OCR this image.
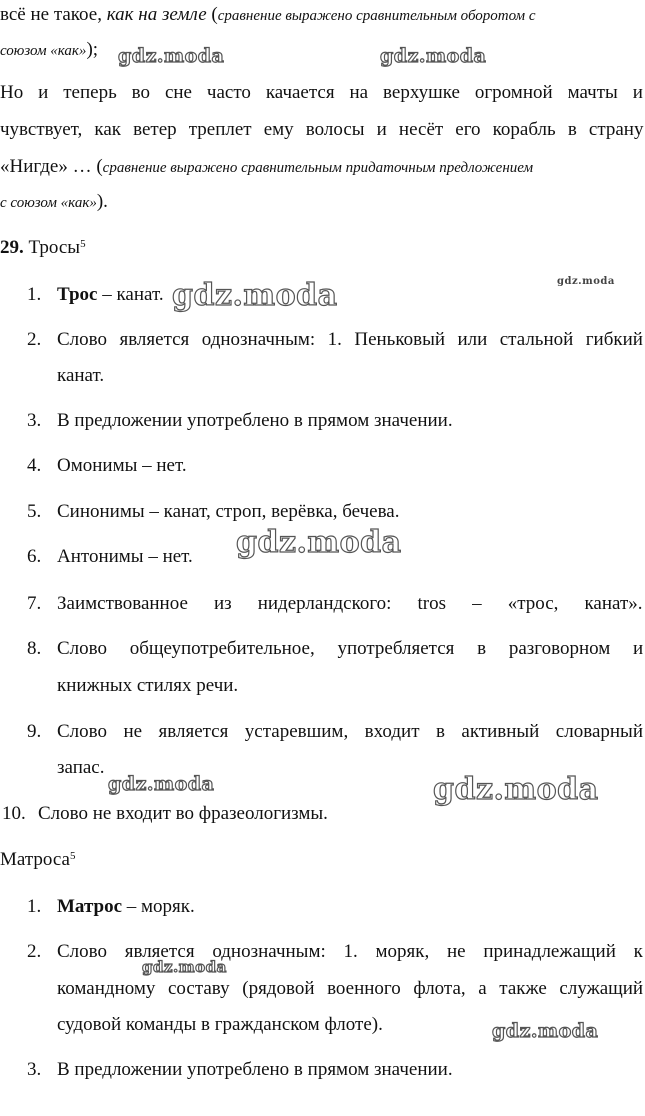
всё не такое, как на земле (сравнение выражено сравнительным оборотом с
союзом «как»);
Но и теперь во сне часто качается на верхушке огромной мачты и
чувствует, как ветер треплет ему волосы и несёт его корабль в страну
«Нигде» … (сравнение выражено сравнительным придаточным предложением
с союзом «как»).
29. Тросы$^5$
1. Трос – канат.
2. Слово является однозначным: 1. Пеньковый или стальной гибкий
канат.
3. В предложении употреблено в прямом значении.
4. Омонимы – нет.
5. Синонимы – канат, строп, верёвка, бечева.
6. Антонимы – нет.
7. Заимствованное из нидерландского: tros – «трос, канат».
8. Слово общеупотребительное, употребляется в разговорном и
книжных стилях речи.
9. Слово не является устаревшим, входит в активный словарный
запас.
10. Слово не входит во фразеологизмы.
Матроса$^5$
1. Матрос – моряк.
2. Слово является однозначным: 1. моряк, не принадлежащий к
командному составу (рядовой военного флота, а также служащий
судовой команды в гражданском флоте).
3. В предложении употреблено в прямом значении.
gdz.moda	gdz.moda
gdz.moda
gdz.moda
gdz.moda
gdz.moda	gdz.moda
gdz.moda
gdz.moda
